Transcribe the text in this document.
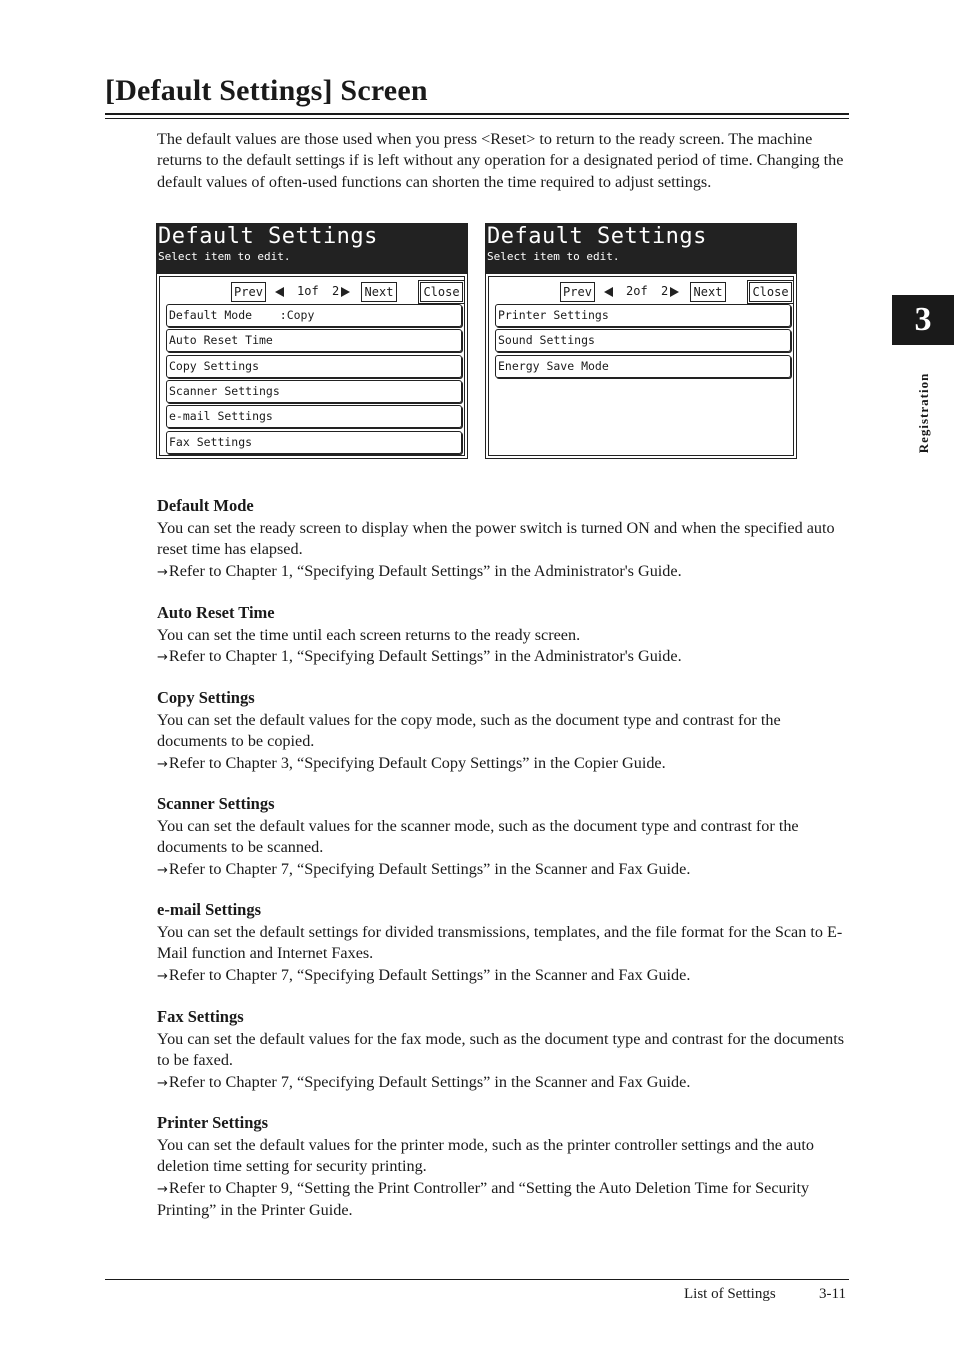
[Default Settings] Screen

The default values are those used when you press <Reset> to return to the ready screen. The machine returns to the default settings if is left without any operation for a designated period of time. Changing the default values of often-used functions can shorten the time required to adjust settings.

Default Settings
Select item to edit.
Prev	1of 2 Next Close
Default Mode    :Copy
Auto Reset Time
Copy Settings
Scanner Settings
e-mail Settings
Fax Settings
Default Settings
Select item to edit.
Prev	2of 2 Next Close
Printer Settings
Sound Settings
Energy Save Mode

Default Mode

You can set the ready screen to display when the power switch is turned ON and when the specified auto reset time has elapsed.

→Refer to Chapter 1, “Specifying Default Settings” in the Administrator's Guide.

Auto Reset Time

You can set the time until each screen returns to the ready screen.

→Refer to Chapter 1, “Specifying Default Settings” in the Administrator's Guide.

Copy Settings

You can set the default values for the copy mode, such as the document type and contrast for the documents to be copied.

→Refer to Chapter 3, “Specifying Default Copy Settings” in the Copier Guide.

Scanner Settings

You can set the default values for the scanner mode, such as the document type and contrast for the documents to be scanned.

→Refer to Chapter 7, “Specifying Default Settings” in the Scanner and Fax Guide.

e-mail Settings

You can set the default settings for divided transmissions, templates, and the file format for the Scan to E-Mail function and Internet Faxes.

→Refer to Chapter 7, “Specifying Default Settings” in the Scanner and Fax Guide.

Fax Settings

You can set the default values for the fax mode, such as the document type and contrast for the documents to be faxed.

→Refer to Chapter 7, “Specifying Default Settings” in the Scanner and Fax Guide.

Printer Settings

You can set the default values for the printer mode, such as the printer controller settings and the auto deletion time setting for security printing.

→Refer to Chapter 9, “Setting the Print Controller” and “Setting the Auto Deletion Time for Security Printing” in the Printer Guide.

3
Registration
List of Settings	3-11
